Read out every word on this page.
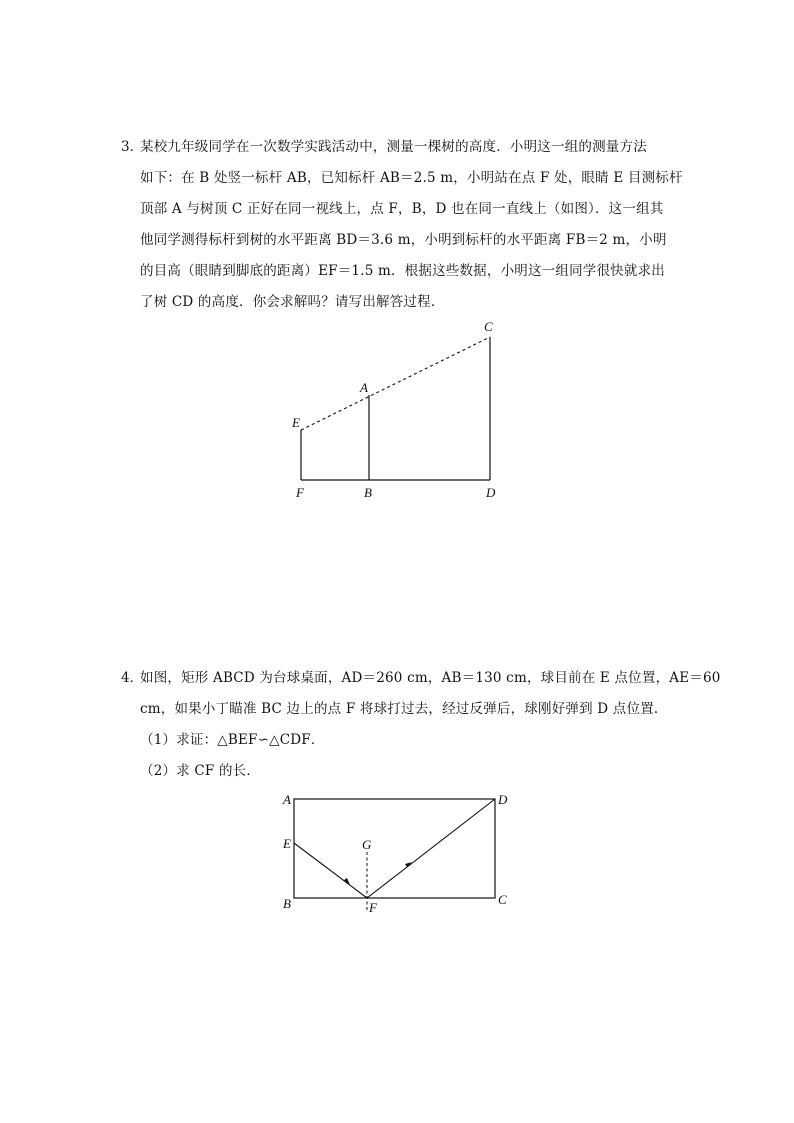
3．
某校九年级同学在一次数学实践活动中，测量一棵树的高度．小明这一组的测量方法
如下：在 B 处竖一标杆 AB，已知标杆 AB＝2.5 m，小明站在点 F 处，眼睛 E 目测标杆
顶部 A 与树顶 C 正好在同一视线上，点 F，B，D 也在同一直线上（如图）．这一组其
他同学测得标杆到树的水平距离 BD＝3.6 m，小明到标杆的水平距离 FB＝2 m，小明
的目高（眼睛到脚底的距离）EF＝1.5 m．根据这些数据，小明这一组同学很快就求出
了树 CD 的高度．你会求解吗？请写出解答过程．
C
A
E
F	B	D
4．
如图，矩形 ABCD 为台球桌面，AD＝260 cm，AB＝130 cm，球目前在 E 点位置，AE＝60
cm，如果小丁瞄准 BC 边上的点 F 将球打过去，经过反弹后，球刚好弹到 D 点位置．
（1）求证：△BEF∽△CDF．
（2）求 CF 的长．
A	D
E	G
B	F
C
